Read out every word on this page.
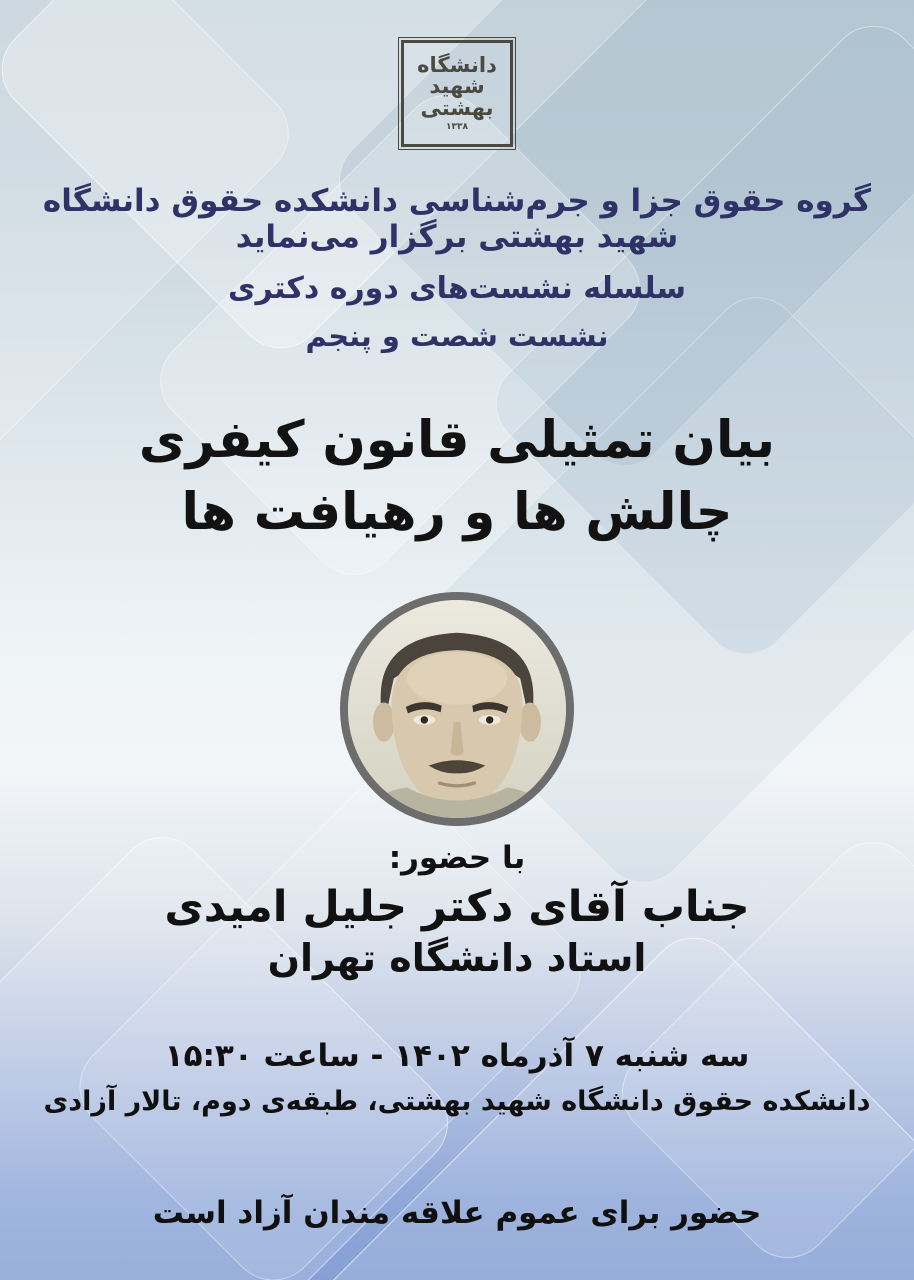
دانشگاه
شهید
بهشتی
۱۳۳۸
گروه حقوق جزا و جرم‌شناسی دانشکده حقوق دانشگاه شهید بهشتی برگزار می‌نماید
سلسله نشست‌های دوره دکتری
نشست شصت و پنجم
بیان تمثیلی قانون کیفری
چالش ها و رهیافت ها
با حضور:
جناب آقای دکتر جلیل امیدی
استاد دانشگاه تهران
سه شنبه ۷ آذرماه ۱۴۰۲ - ساعت ۱۵:۳۰
دانشکده حقوق دانشگاه شهید بهشتی، طبقه‌ی دوم، تالار آزادی
حضور برای عموم علاقه مندان آزاد است
